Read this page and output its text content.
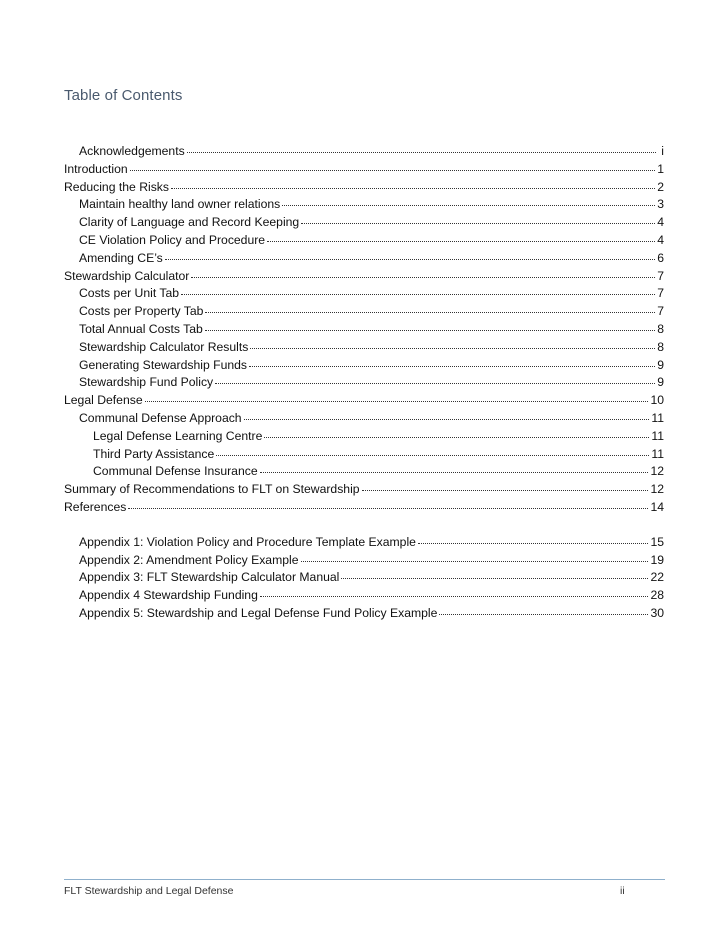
Table of Contents
Acknowledgements	i
Introduction	1
Reducing the Risks	2
Maintain healthy land owner relations	3
Clarity of Language and Record Keeping	4
CE Violation Policy and Procedure	4
Amending CE’s	6
Stewardship Calculator	7
Costs per Unit Tab	7
Costs per Property Tab	7
Total Annual Costs Tab	8
Stewardship Calculator Results	8
Generating Stewardship Funds	9
Stewardship Fund Policy	9
Legal Defense	10
Communal Defense Approach	11
Legal Defense Learning Centre	11
Third Party Assistance	11
Communal Defense Insurance	12
Summary of Recommendations to FLT on Stewardship	12
References	14
Appendix 1: Violation Policy and Procedure Template Example	15
Appendix 2: Amendment Policy Example	19
Appendix 3: FLT Stewardship Calculator Manual	22
Appendix 4 Stewardship Funding	28
Appendix 5: Stewardship and Legal Defense Fund Policy Example	30
FLT Stewardship and Legal Defense	ii
